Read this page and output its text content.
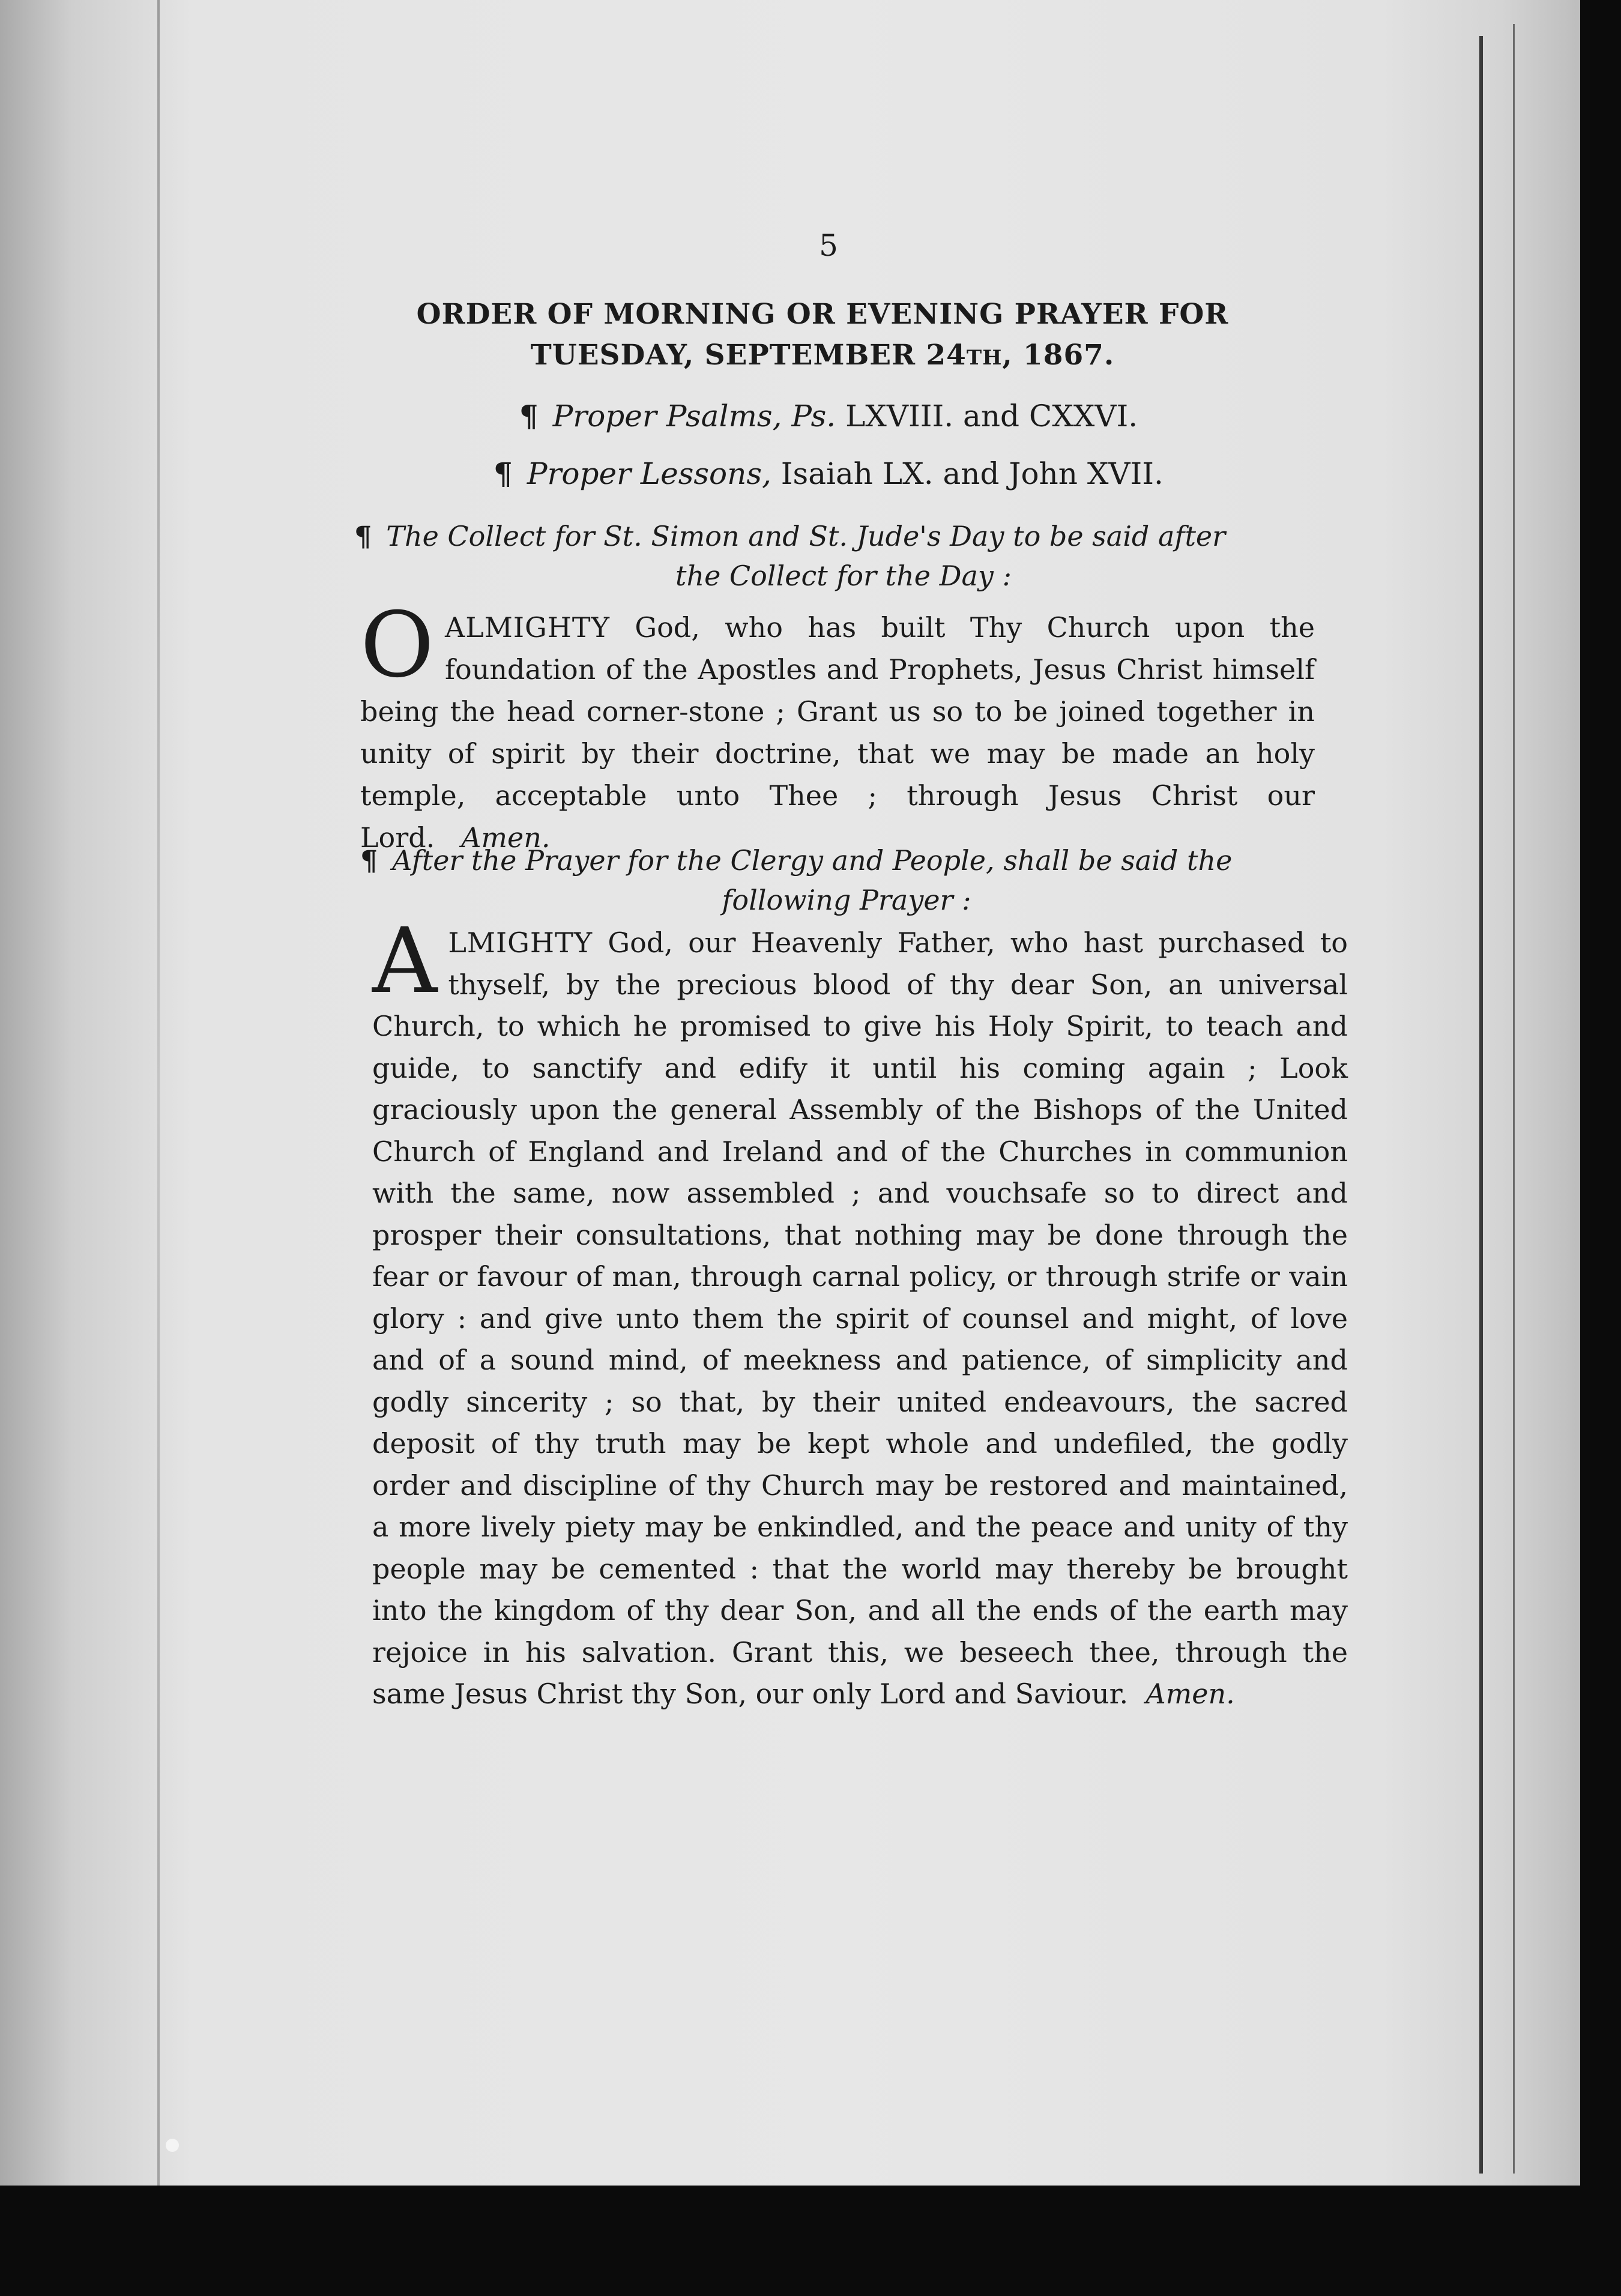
5
ORDER OF MORNING OR EVENING PRAYER FOR
TUESDAY, SEPTEMBER 24TH, 1867.
¶ Proper Psalms, Ps. LXVIII. and CXXVI.
¶ Proper Lessons, Isaiah LX. and John XVII.
¶ The Collect for St. Simon and St. Jude's Day to be said after
the Collect for the Day :
OALMIGHTY God, who has built Thy Church upon the foundation of the Apostles and Prophets, Jesus Christ himself being the head corner-stone ; Grant us so to be joined together in unity of spirit by their doctrine, that we may be made an holy temple, acceptable unto Thee ; through Jesus Christ our Lord. Amen.
¶ After the Prayer for the Clergy and People, shall be said the
following Prayer :
ALMIGHTY God, our Heavenly Father, who hast purchased to thyself, by the precious blood of thy dear Son, an universal Church, to which he promised to give his Holy Spirit, to teach and guide, to sanctify and edify it until his coming again ; Look graciously upon the general Assembly of the Bishops of the United Church of England and Ireland and of the Churches in communion with the same, now assembled ; and vouchsafe so to direct and prosper their consultations, that nothing may be done through the fear or favour of man, through carnal policy, or through strife or vain glory : and give unto them the spirit of counsel and might, of love and of a sound mind, of meekness and patience, of simplicity and godly sincerity ; so that, by their united endeavours, the sacred deposit of thy truth may be kept whole and undefiled, the godly order and discipline of thy Church may be restored and maintained, a more lively piety may be enkindled, and the peace and unity of thy people may be cemented : that the world may thereby be brought into the kingdom of thy dear Son, and all the ends of the earth may rejoice in his salvation. Grant this, we beseech thee, through the same Jesus Christ thy Son, our only Lord and Saviour. Amen.
